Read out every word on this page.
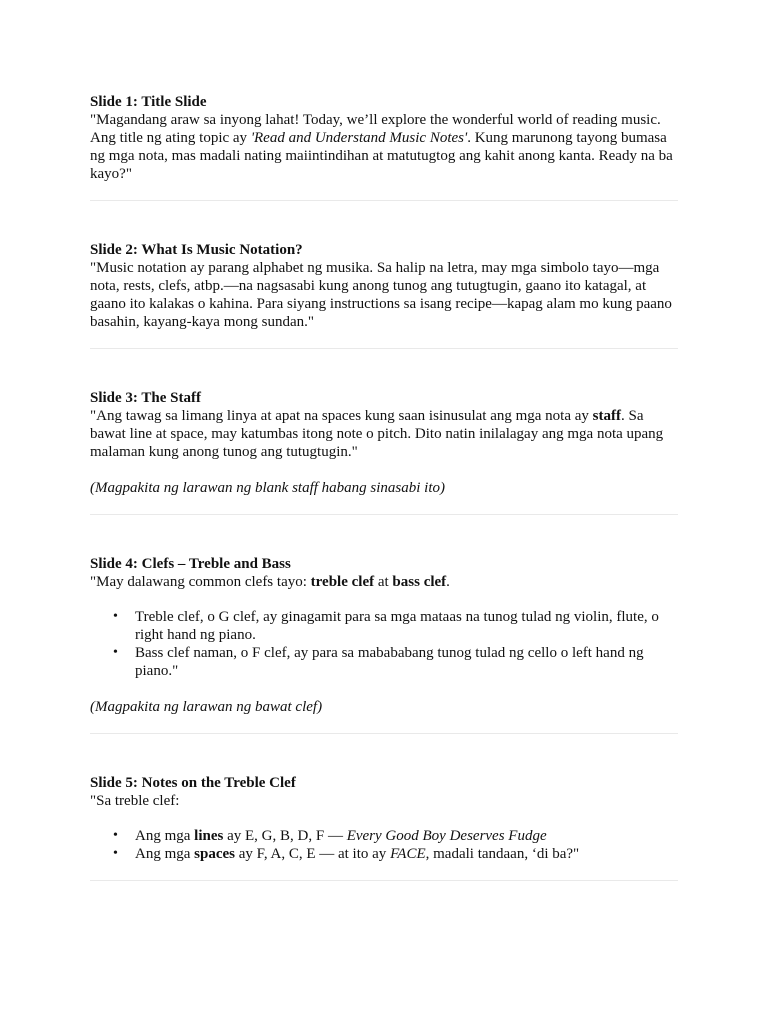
Slide 1: Title Slide

"Magandang araw sa inyong lahat! Today, we’ll explore the wonderful world of reading music. Ang title ng ating topic ay 'Read and Understand Music Notes'. Kung marunong tayong bumasa ng mga nota, mas madali nating maiintindihan at matutugtog ang kahit anong kanta. Ready na ba kayo?"

Slide 2: What Is Music Notation?

"Music notation ay parang alphabet ng musika. Sa halip na letra, may mga simbolo tayo—mga nota, rests, clefs, atbp.—na nagsasabi kung anong tunog ang tutugtugin, gaano ito katagal, at gaano ito kalakas o kahina. Para siyang instructions sa isang recipe—kapag alam mo kung paano basahin, kayang-kaya mong sundan."

Slide 3: The Staff

"Ang tawag sa limang linya at apat na spaces kung saan isinusulat ang mga nota ay staff. Sa bawat line at space, may katumbas itong note o pitch. Dito natin inilalagay ang mga nota upang malaman kung anong tunog ang tutugtugin."

(Magpakita ng larawan ng blank staff habang sinasabi ito)

Slide 4: Clefs – Treble and Bass

"May dalawang common clefs tayo: treble clef at bass clef.

• Treble clef, o G clef, ay ginagamit para sa mga mataas na tunog tulad ng violin, flute, o right hand ng piano.
• Bass clef naman, o F clef, ay para sa mabababang tunog tulad ng cello o left hand ng piano."

(Magpakita ng larawan ng bawat clef)

Slide 5: Notes on the Treble Clef

"Sa treble clef:

• Ang mga lines ay E, G, B, D, F — Every Good Boy Deserves Fudge
• Ang mga spaces ay F, A, C, E — at ito ay FACE, madali tandaan, ‘di ba?"
